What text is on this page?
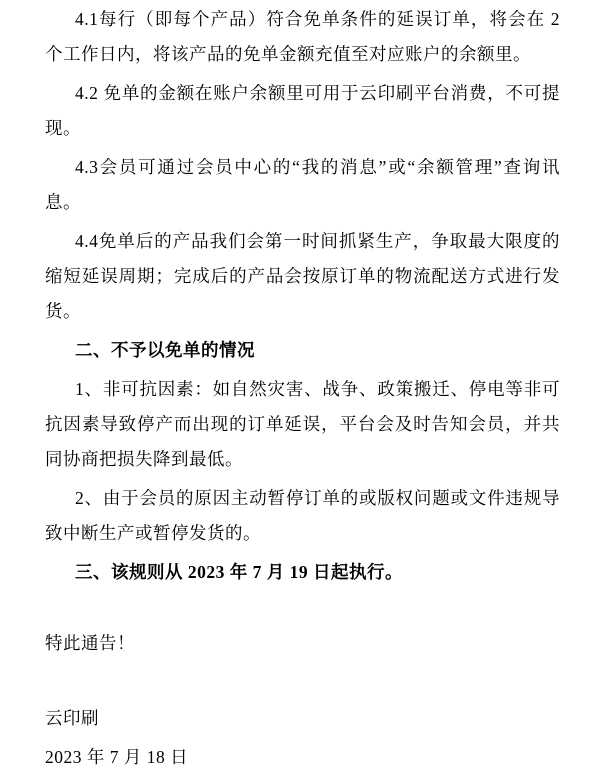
4.1每行（即每个产品）符合免单条件的延误订单，将会在 2 个工作日内，将该产品的免单金额充值至对应账户的余额里。

4.2 免单的金额在账户余额里可用于云印刷平台消费，不可提现。

4.3会员可通过会员中心的“我的消息”或“余额管理”查询讯息。

4.4免单后的产品我们会第一时间抓紧生产，争取最大限度的缩短延误周期；完成后的产品会按原订单的物流配送方式进行发货。

二、不予以免单的情况

1、非可抗因素：如自然灾害、战争、政策搬迁、停电等非可抗因素导致停产而出现的订单延误，平台会及时告知会员，并共同协商把损失降到最低。

2、由于会员的原因主动暂停订单的或版权问题或文件违规导致中断生产或暂停发货的。

三、该规则从 2023 年 7 月 19 日起执行。

特此通告！

云印刷

2023 年 7 月 18 日
